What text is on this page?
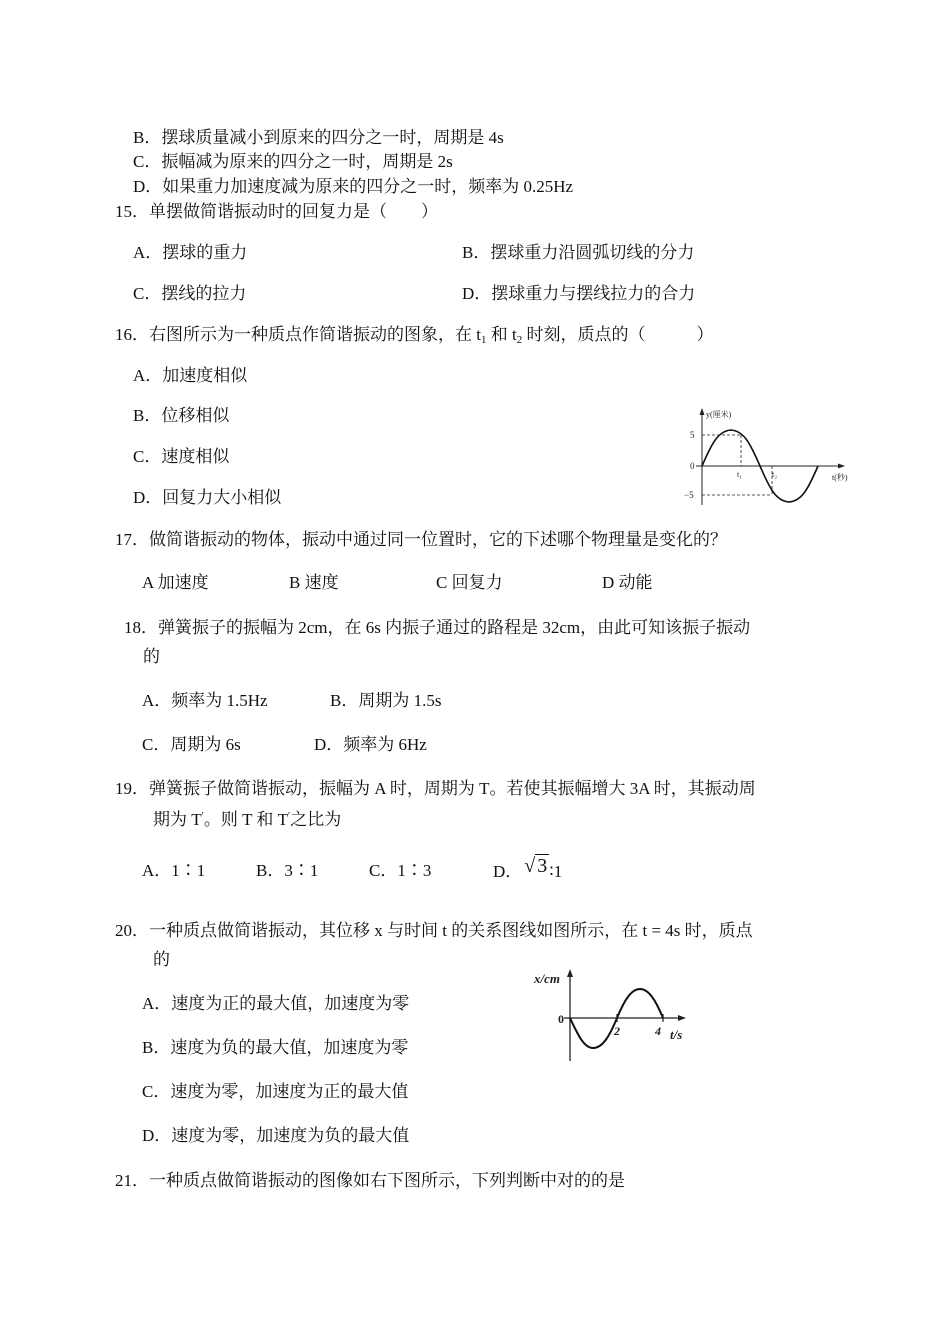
B．摆球质量减小到原来的四分之一时，周期是 4s
C．振幅减为原来的四分之一时，周期是 2s
D．如果重力加速度减为原来的四分之一时，频率为 0.25Hz
15．单摆做简谐振动时的回复力是（　　）
A．摆球的重力	B．摆球重力沿圆弧切线的分力
C．摆线的拉力	D．摆球重力与摆线拉力的合力
16．右图所示为一种质点作简谐振动的图象，在 $t_1$ 和 $t_2$ 时刻，质点的（　　　）
A．加速度相似
B．位移相似
C．速度相似
D．回复力大小相似
y(厘米)
t(秒)
5
−5
0
t₁	t₂
17．做简谐振动的物体，振动中通过同一位置时，它的下述哪个物理量是变化的？
A 加速度	B 速度	C 回复力	D 动能
18．弹簧振子的振幅为 2cm，在 6s 内振子通过的路程是 32cm，由此可知该振子振动
的
A．频率为 1.5Hz	B．周期为 1.5s
C．周期为 6s	D．频率为 6Hz
19．弹簧振子做简谐振动，振幅为 A 时，周期为 T。若使其振幅增大 3A 时，其振动周
期为 T′。则 T 和 T′之比为
A．1∶1	B．3∶1	C．1∶3	D． √ 3 ∶1
20．一种质点做简谐振动，其位移 x 与时间 t 的关系图线如图所示，在 t = 4s 时，质点
的
A．速度为正的最大值，加速度为零
B．速度为负的最大值，加速度为零
C．速度为零，加速度为正的最大值
D．速度为零，加速度为负的最大值
x/cm
0
2	4 t/s
21．一种质点做简谐振动的图像如右下图所示，下列判断中对的的是
